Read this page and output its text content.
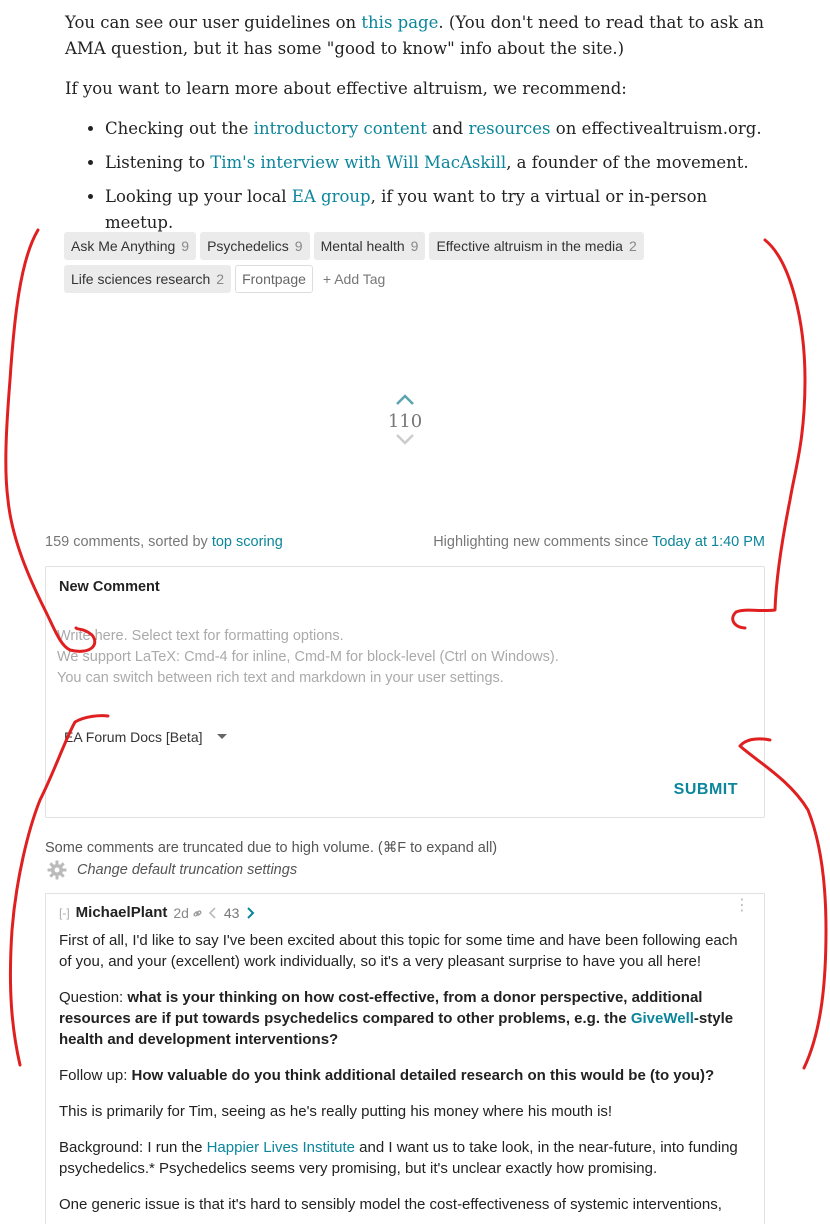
You can see our user guidelines on this page. (You don't need to read that to ask an AMA question, but it has some "good to know" info about the site.)

If you want to learn more about effective altruism, we recommend:

• Checking out the introductory content and resources on effectivealtruism.org.
• Listening to Tim's interview with Will MacAskill, a founder of the movement.
• Looking up your local EA group, if you want to try a virtual or in-person meetup.
Ask Me Anything 9 Psychedelics 9 Mental health 9 Effective altruism in the media 2
Life sciences research 2	Frontpage	+ Add Tag
110
159 comments, sorted by top scoring	Highlighting new comments since Today at 1:40 PM
New Comment
Write here. Select text for formatting options.
We support LaTeX: Cmd-4 for inline, Cmd-M for block-level (Ctrl on Windows).
You can switch between rich text and markdown in your user settings.
EA Forum Docs [Beta]
SUBMIT
Some comments are truncated due to high volume. (⌘F to expand all)
Change default truncation settings
[-] MichaelPlant 2d	43	⋮

First of all, I'd like to say I've been excited about this topic for some time and have been following each of you, and your (excellent) work individually, so it's a very pleasant surprise to have you all here!

Question: what is your thinking on how cost-effective, from a donor perspective, additional resources are if put towards psychedelics compared to other problems, e.g. the GiveWell-style health and development interventions?

Follow up: How valuable do you think additional detailed research on this would be (to you)?

This is primarily for Tim, seeing as he's really putting his money where his mouth is!

Background: I run the Happier Lives Institute and I want us to take look, in the near-future, into funding psychedelics.* Psychedelics seems very promising, but it's unclear exactly how promising.

One generic issue is that it's hard to sensibly model the cost-effectiveness of systemic interventions,
